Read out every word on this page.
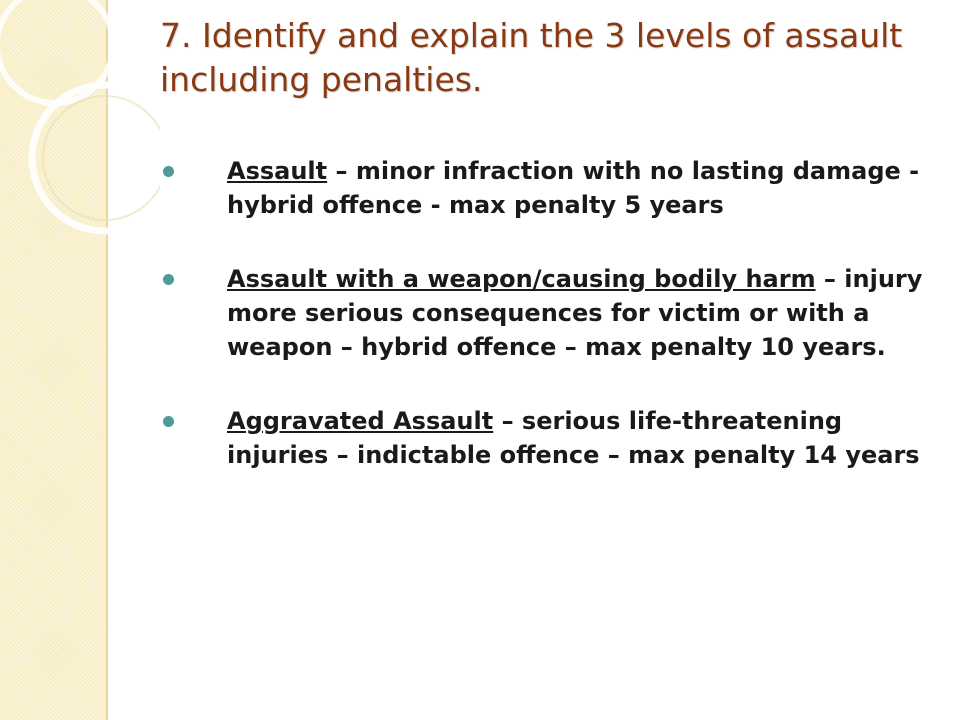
7. Identify and explain the 3 levels of assault including penalties.
Assault – minor infraction with no lasting damage - hybrid offence - max penalty 5 years
Assault with a weapon/causing bodily harm – injury more serious consequences for victim or with a weapon – hybrid offence – max penalty 10 years.
Aggravated Assault – serious life-threatening injuries – indictable offence – max penalty 14 years
